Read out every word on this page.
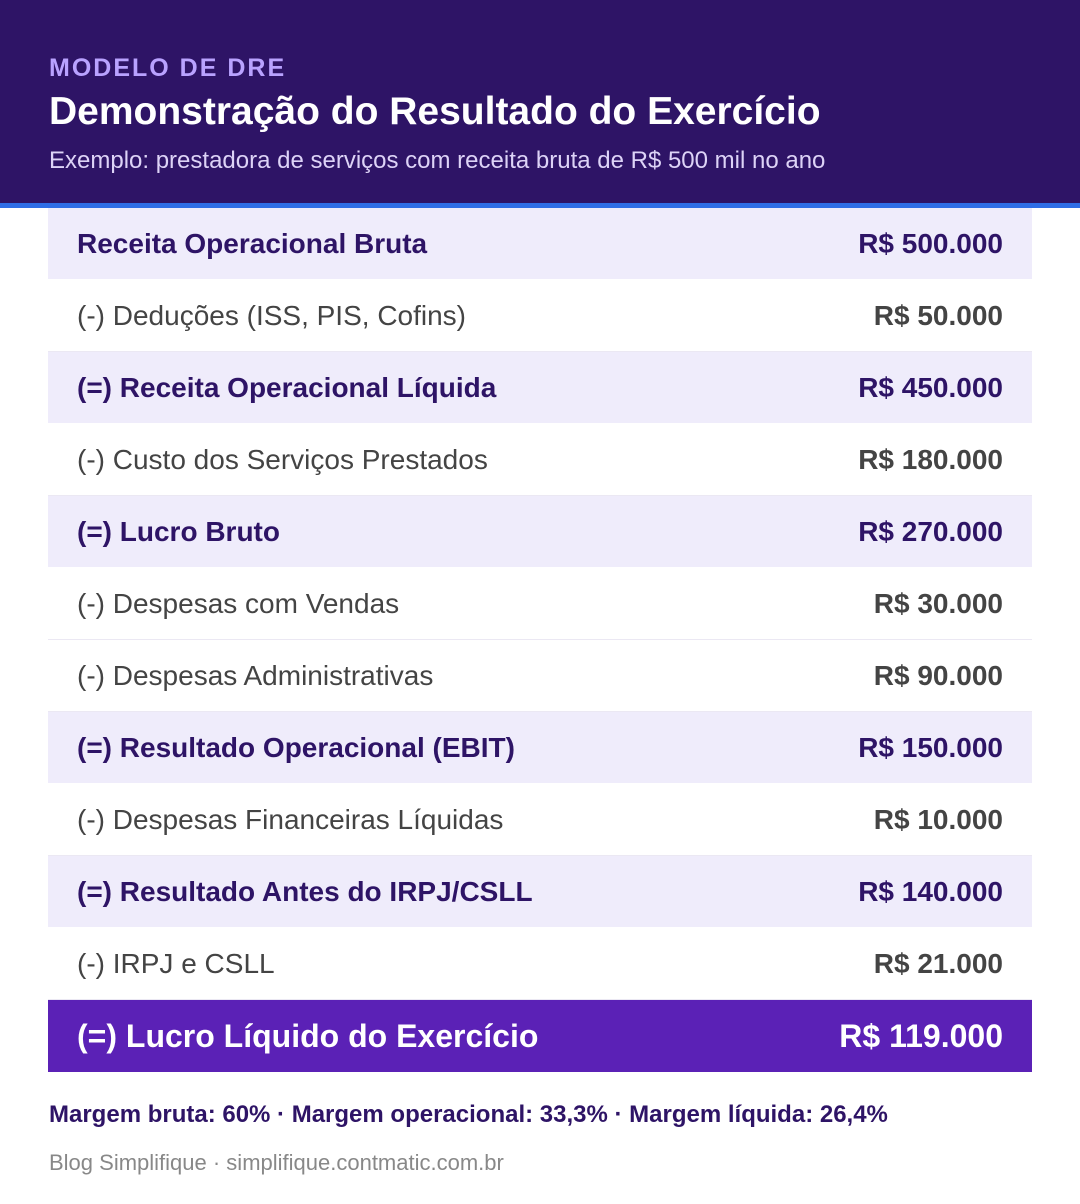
MODELO DE DRE
Demonstração do Resultado do Exercício
Exemplo: prestadora de serviços com receita bruta de R$ 500 mil no ano
Receita Operacional Bruta	R$ 500.000
(-) Deduções (ISS, PIS, Cofins)	R$ 50.000
(=) Receita Operacional Líquida	R$ 450.000
(-) Custo dos Serviços Prestados	R$ 180.000
(=) Lucro Bruto	R$ 270.000
(-) Despesas com Vendas	R$ 30.000
(-) Despesas Administrativas	R$ 90.000
(=) Resultado Operacional (EBIT)	R$ 150.000
(-) Despesas Financeiras Líquidas	R$ 10.000
(=) Resultado Antes do IRPJ/CSLL	R$ 140.000
(-) IRPJ e CSLL	R$ 21.000
(=) Lucro Líquido do Exercício	R$ 119.000
Margem bruta: 60% · Margem operacional: 33,3% · Margem líquida: 26,4%
Blog Simplifique · simplifique.contmatic.com.br
